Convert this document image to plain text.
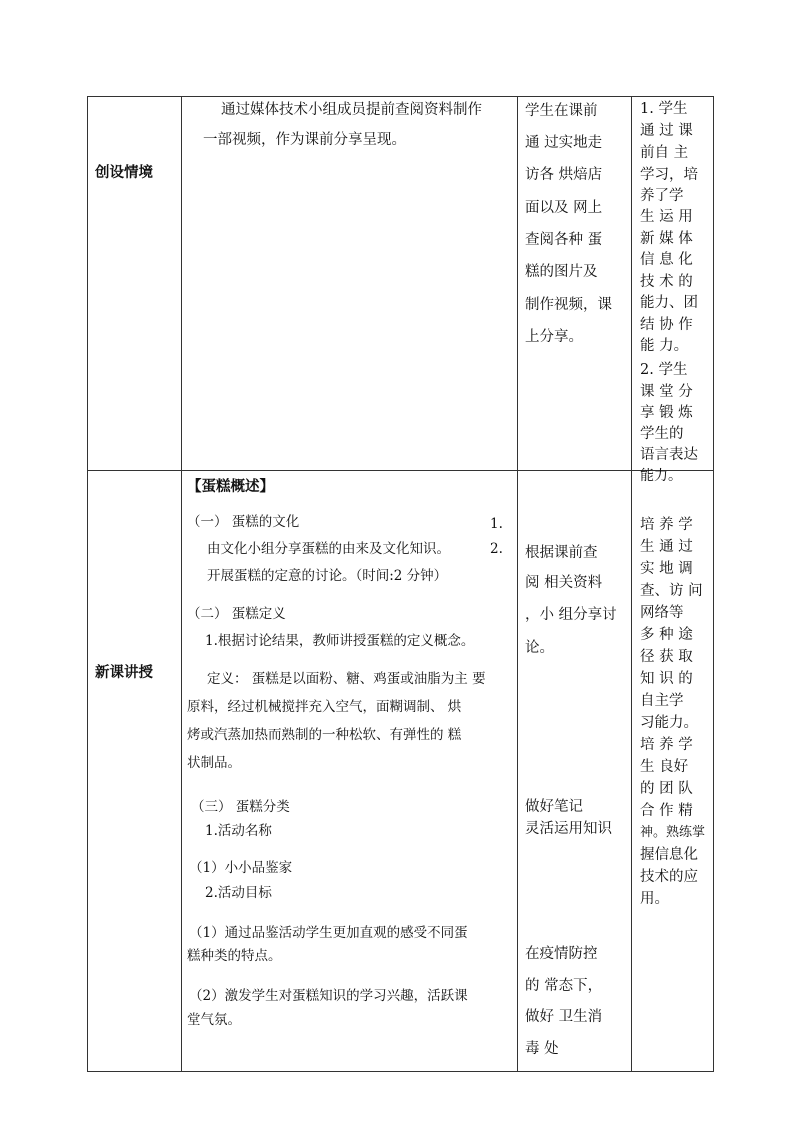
创设情境
通过媒体技术小组成员提前查阅资料制作
一部视频，作为课前分享呈现。
学生在课前
通 过实地走
访各 烘焙店
面以及 网上
查阅各种 蛋
糕的图片及
制作视频，课
上分享。
1. 学生
通 过 课
前自 主
学习，培
养了学
生 运 用
新 媒 体
信 息 化
技 术 的
能力、团
结 协 作
能 力。
2. 学生
课 堂 分
享 锻 炼
学生的
语言表达
能力。
新课讲授
【蛋糕概述】
（一） 蛋糕的文化	1.
由文化小组分享蛋糕的由来及文化知识。	2.
开展蛋糕的定意的讨论。（时间:2 分钟）
（二） 蛋糕定义
1.根据讨论结果，教师讲授蛋糕的定义概念。
定义： 蛋糕是以面粉、糖、鸡蛋或油脂为主 要
原料，经过机械搅拌充入空气，面糊调制、 烘
烤或汽蒸加热而熟制的一种松软、有弹性的 糕
状制品。
（三） 蛋糕分类
1.活动名称
（1）小小品鉴家
2.活动目标
（1）通过品鉴活动学生更加直观的感受不同蛋
糕种类的特点。
（2）激发学生对蛋糕知识的学习兴趣，活跃课
堂气氛。
根据课前查
阅 相关资料
，小 组分享讨
论。
做好笔记
灵活运用知识
在疫情防控
的 常态下，
做好 卫生消
毒 处
培 养 学
生 通 过
实 地 调
查、访 问
网络等
多 种 途
径 获 取
知 识 的
自主学
习能力。
培 养 学
生 良好
的 团 队
合 作 精
神。熟练掌
握信息化
技术的应
用。
